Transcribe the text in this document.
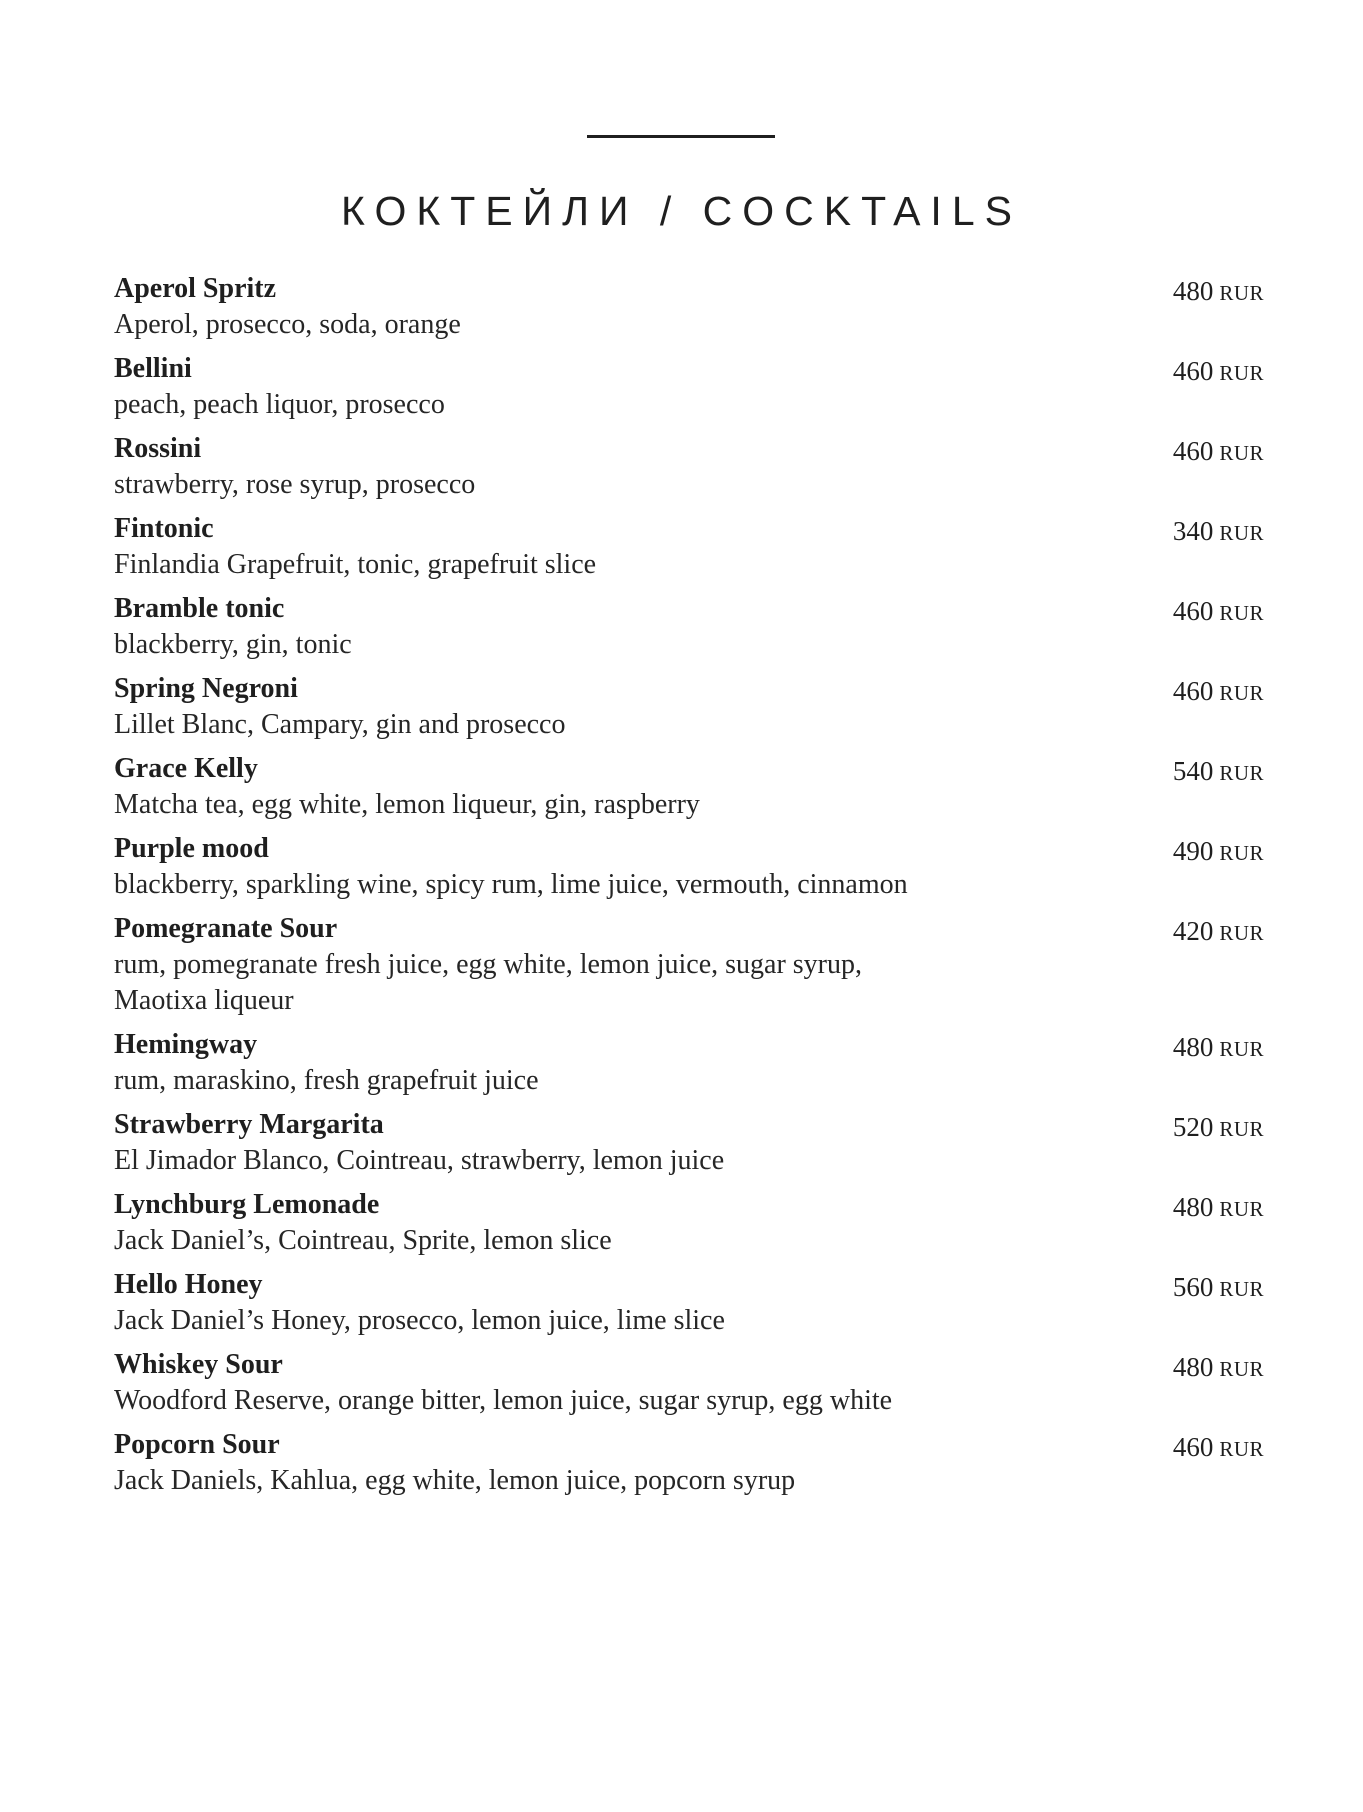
КОКТЕЙЛИ / COCKTAILS
Aperol Spritz
Aperol, prosecco, soda, orange
480 RUR
Bellini
peach, peach liquor, prosecco
460 RUR
Rossini
strawberry, rose syrup, prosecco
460 RUR
Fintonic
Finlandia Grapefruit, tonic, grapefruit slice
340 RUR
Bramble tonic
blackberry, gin, tonic
460 RUR
Spring Negroni
Lillet Blanc, Campary, gin and prosecco
460 RUR
Grace Kelly
Matcha tea, egg white, lemon liqueur, gin, raspberry
540 RUR
Purple mood
blackberry, sparkling wine, spicy rum, lime juice, vermouth, cinnamon
490 RUR
Pomegranate Sour
rum, pomegranate fresh juice, egg white, lemon juice, sugar syrup, Maotixa liqueur
420 RUR
Hemingway
rum, maraskino, fresh grapefruit juice
480 RUR
Strawberry Margarita
El Jimador Blanco, Cointreau, strawberry, lemon juice
520 RUR
Lynchburg Lemonade
Jack Daniel’s, Cointreau, Sprite, lemon slice
480 RUR
Hello Honey
Jack Daniel’s Honey, prosecco, lemon juice, lime slice
560 RUR
Whiskey Sour
Woodford Reserve, orange bitter, lemon juice, sugar syrup, egg white
480 RUR
Popcorn Sour
Jack Daniels, Kahlua, egg white, lemon juice, popcorn syrup
460 RUR
